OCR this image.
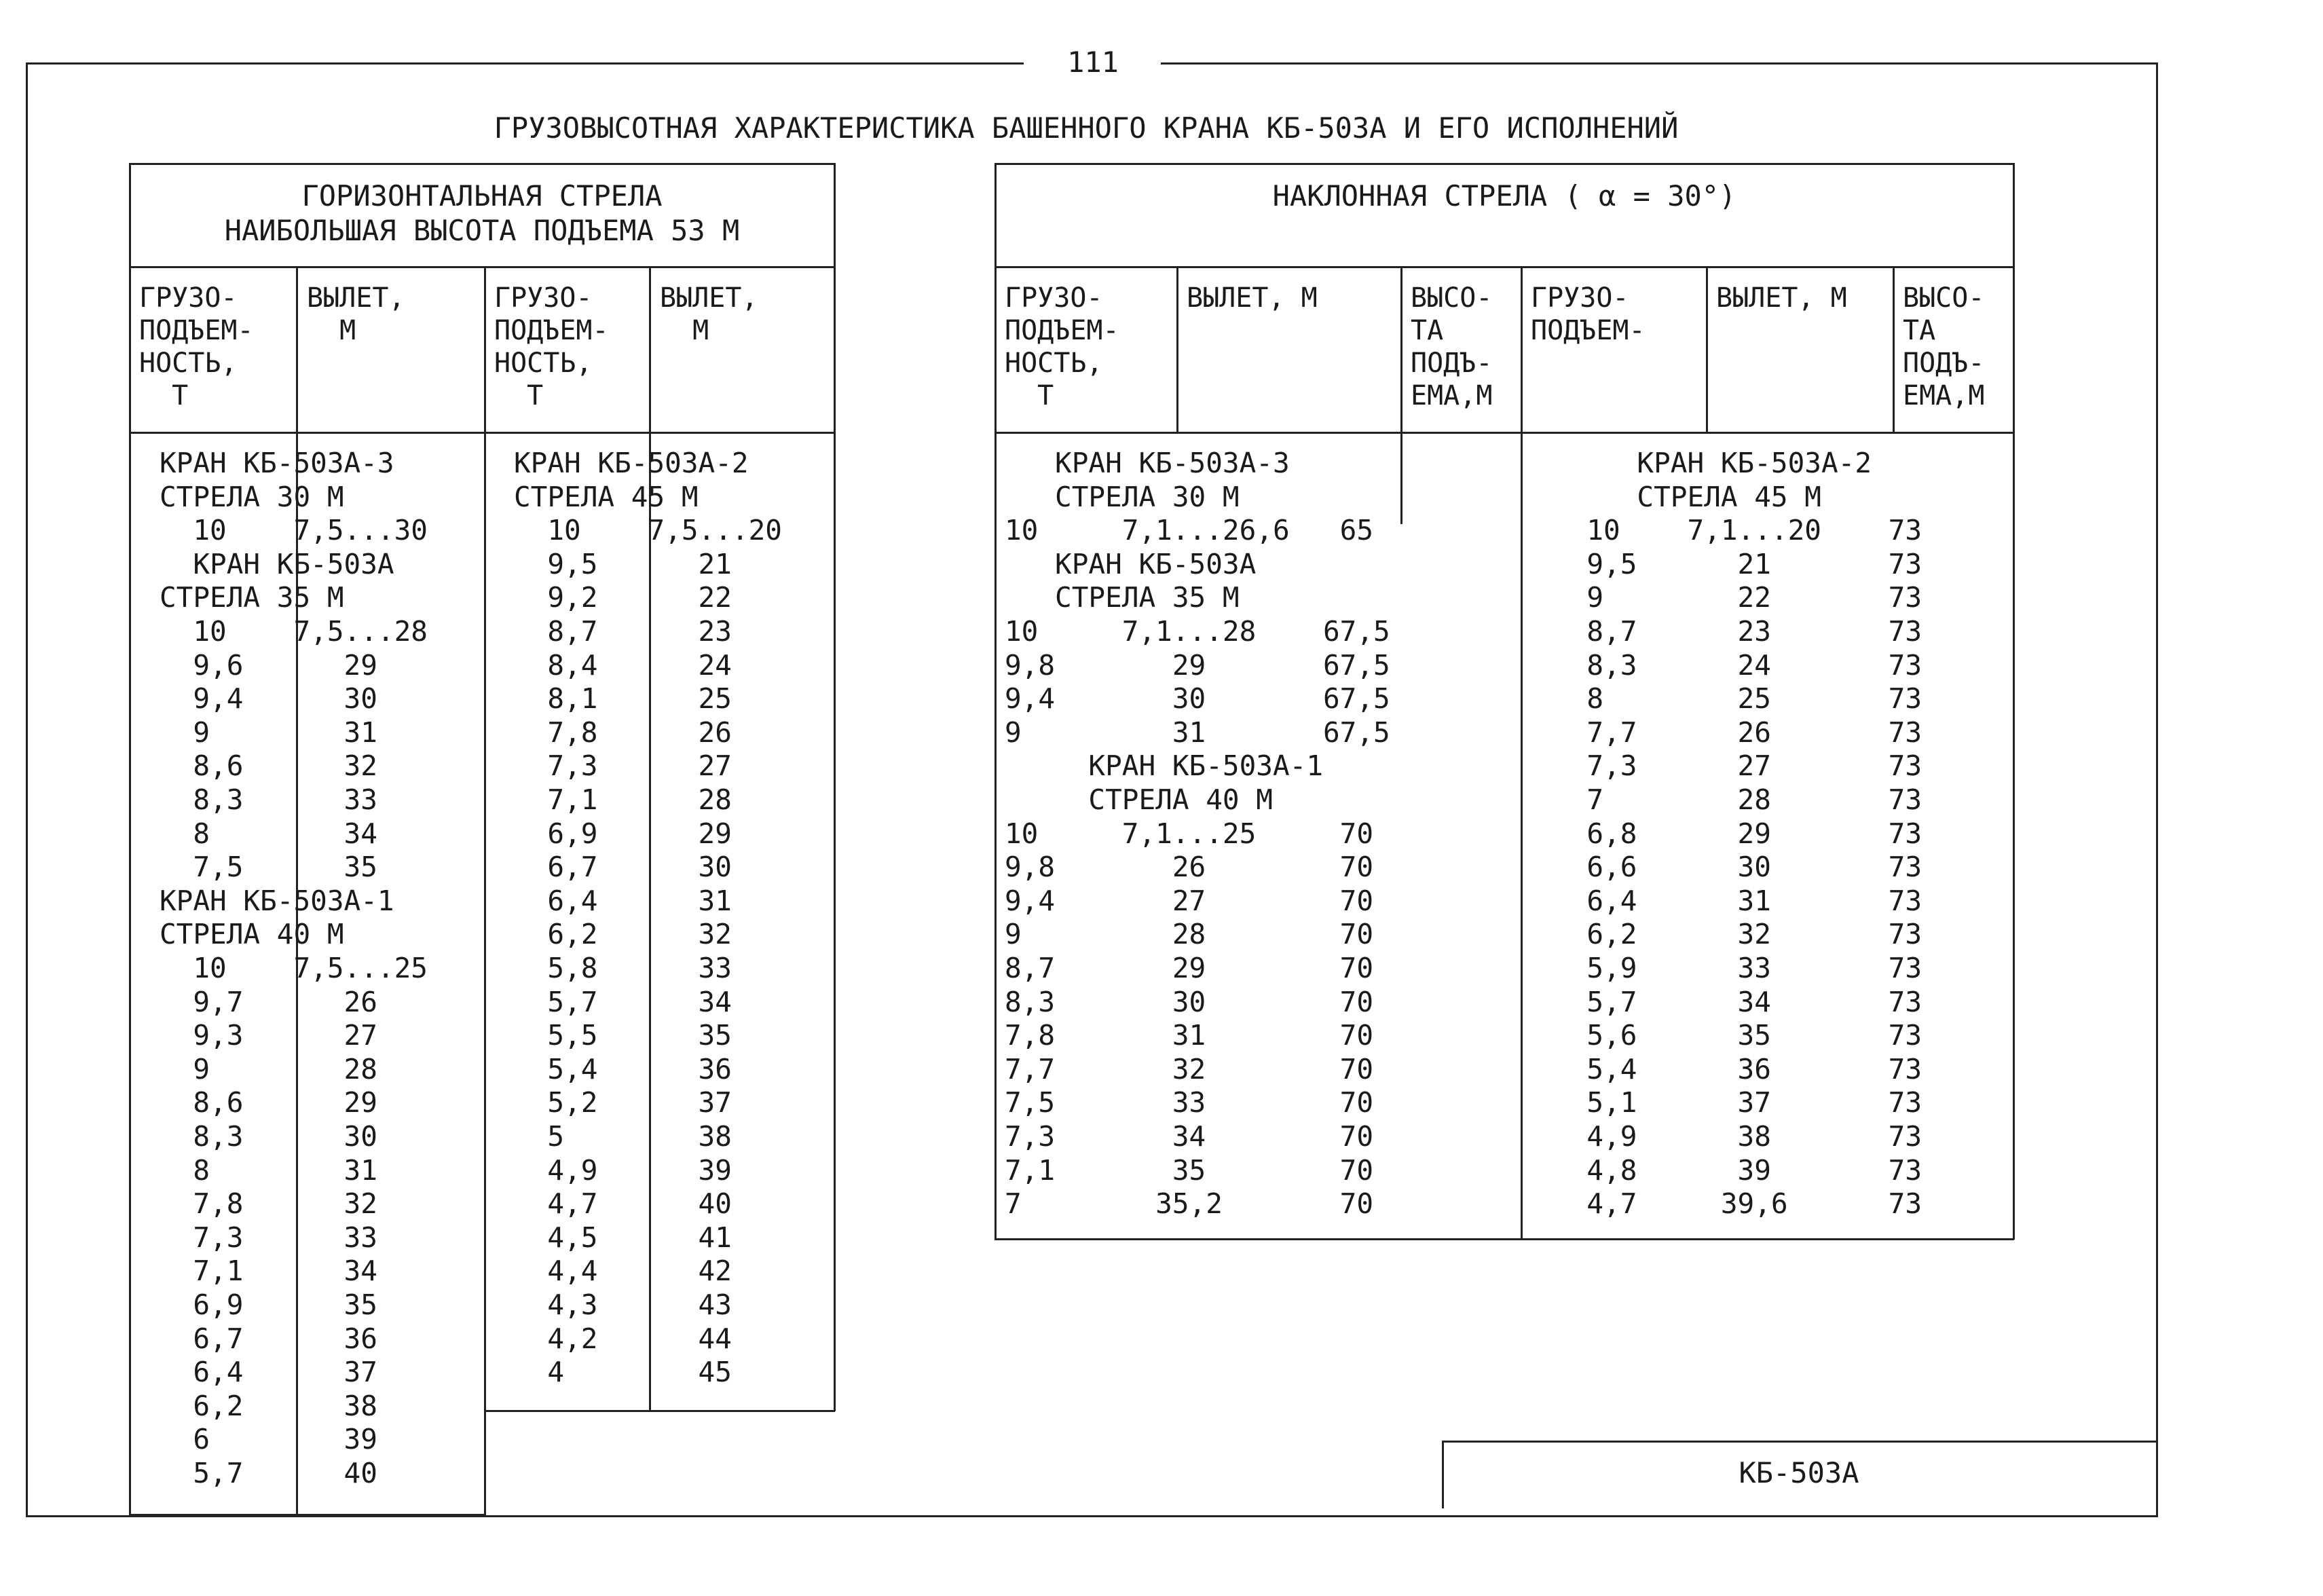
111
ГРУЗОВЫСОТНАЯ ХАРАКТЕРИСТИКА БАШЕННОГО КРАНА КБ-503А И ЕГО ИСПОЛНЕНИЙ
ГОРИЗОНТАЛЬНАЯ СТРЕЛА
НАИБОЛЬШАЯ ВЫСОТА ПОДЪЕМА 53 М
ГРУЗО-
ПОДЪЕМ-
НОСТЬ,
Т
ВЫЛЕТ,
М
ГРУЗО-
ПОДЪЕМ-
НОСТЬ,
Т
ВЫЛЕТ,
М
КРАН КБ-503А-3
СТРЕЛА 30 М
10    7,5...30
КРАН КБ-503А
СТРЕЛА 35 М
10    7,5...28
9,6      29
9,4      30
9        31
8,6      32
8,3      33
8        34
7,5      35
КРАН КБ-503А-1
СТРЕЛА 40 М
10    7,5...25
9,7      26
9,3      27
9        28
8,6      29
8,3      30
8        31
7,8      32
7,3      33
7,1      34
6,9      35
6,7      36
6,4      37
6,2      38
6        39
5,7      40
КРАН КБ-503А-2
СТРЕЛА 45 М
10    7,5...20
9,5      21
9,2      22
8,7      23
8,4      24
8,1      25
7,8      26
7,3      27
7,1      28
6,9      29
6,7      30
6,4      31
6,2      32
5,8      33
5,7      34
5,5      35
5,4      36
5,2      37
5        38
4,9      39
4,7      40
4,5      41
4,4      42
4,3      43
4,2      44
4        45
НАКЛОННАЯ СТРЕЛА ( ⍺ = 30°)
ГРУЗО-
ПОДЪЕМ-
НОСТЬ,
Т
ВЫЛЕТ, М	ВЫСО-
ТА
ПОДЪ-
ЕМА,М
ГРУЗО-
ПОДЪЕМ-
ВЫЛЕТ, М ВЫСО-
ТА
ПОДЪ-
ЕМА,М
КРАН КБ-503А-3
СТРЕЛА 30 М
10     7,1...26,6   65
КРАН КБ-503А
СТРЕЛА 35 М
10     7,1...28    67,5
9,8       29       67,5
9,4       30       67,5
9         31       67,5
КРАН КБ-503А-1
СТРЕЛА 40 М
10     7,1...25     70
9,8       26        70
9,4       27        70
9         28        70
8,7       29        70
8,3       30        70
7,8       31        70
7,7       32        70
7,5       33        70
7,3       34        70
7,1       35        70
7        35,2       70
КРАН КБ-503А-2
СТРЕЛА 45 М
10    7,1...20    73
9,5      21       73
9        22       73
8,7      23       73
8,3      24       73
8        25       73
7,7      26       73
7,3      27       73
7        28       73
6,8      29       73
6,6      30       73
6,4      31       73
6,2      32       73
5,9      33       73
5,7      34       73
5,6      35       73
5,4      36       73
5,1      37       73
4,9      38       73
4,8      39       73
4,7     39,6      73
КБ-503А
